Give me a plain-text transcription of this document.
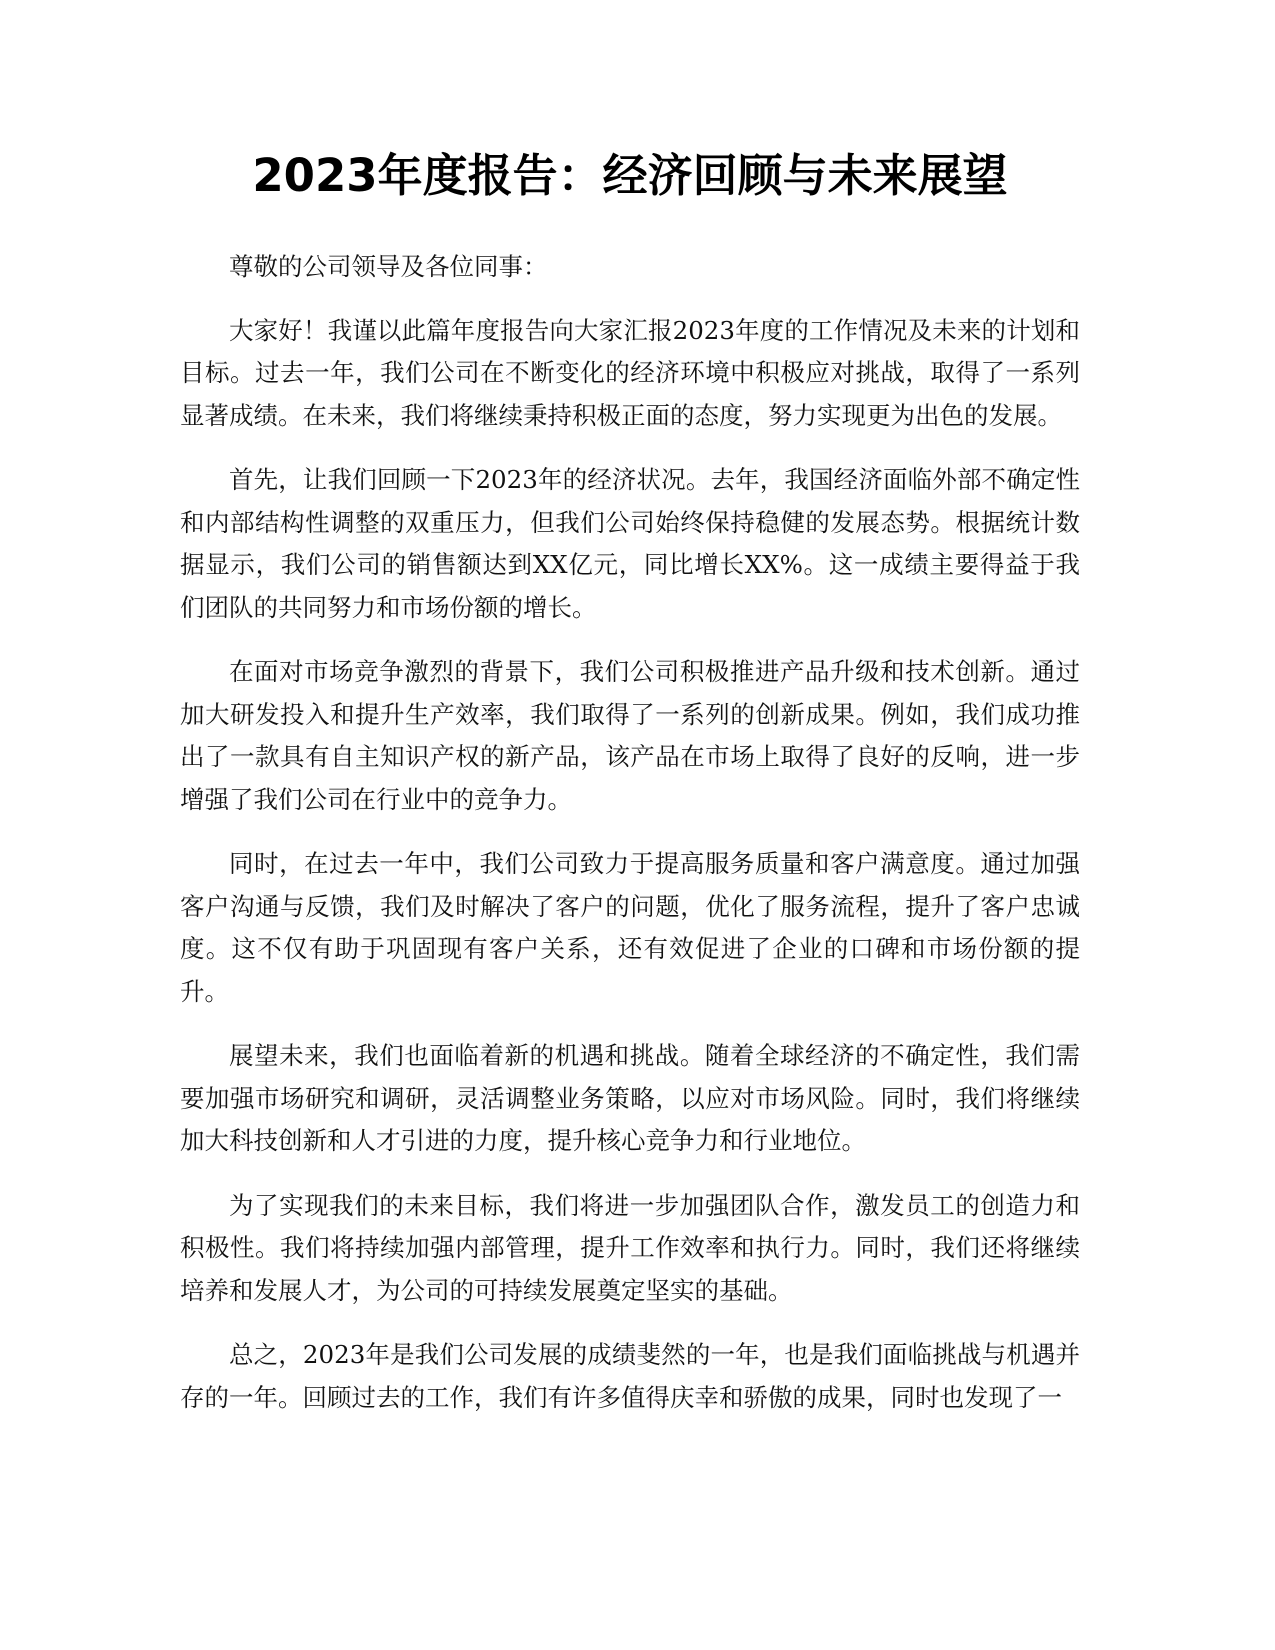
2023年度报告：经济回顾与未来展望

尊敬的公司领导及各位同事：

大家好！我谨以此篇年度报告向大家汇报2023年度的工作情况及未来的计划和目标。过去一年，我们公司在不断变化的经济环境中积极应对挑战，取得了一系列显著成绩。在未来，我们将继续秉持积极正面的态度，努力实现更为出色的发展。

首先，让我们回顾一下2023年的经济状况。去年，我国经济面临外部不确定性和内部结构性调整的双重压力，但我们公司始终保持稳健的发展态势。根据统计数据显示，我们公司的销售额达到XX亿元，同比增长XX%。这一成绩主要得益于我们团队的共同努力和市场份额的增长。

在面对市场竞争激烈的背景下，我们公司积极推进产品升级和技术创新。通过加大研发投入和提升生产效率，我们取得了一系列的创新成果。例如，我们成功推出了一款具有自主知识产权的新产品，该产品在市场上取得了良好的反响，进一步增强了我们公司在行业中的竞争力。

同时，在过去一年中，我们公司致力于提高服务质量和客户满意度。通过加强客户沟通与反馈，我们及时解决了客户的问题，优化了服务流程，提升了客户忠诚度。这不仅有助于巩固现有客户关系，还有效促进了企业的口碑和市场份额的提升。

展望未来，我们也面临着新的机遇和挑战。随着全球经济的不确定性，我们需要加强市场研究和调研，灵活调整业务策略，以应对市场风险。同时，我们将继续加大科技创新和人才引进的力度，提升核心竞争力和行业地位。

为了实现我们的未来目标，我们将进一步加强团队合作，激发员工的创造力和积极性。我们将持续加强内部管理，提升工作效率和执行力。同时，我们还将继续培养和发展人才，为公司的可持续发展奠定坚实的基础。

总之，2023年是我们公司发展的成绩斐然的一年，也是我们面临挑战与机遇并存的一年。回顾过去的工作，我们有许多值得庆幸和骄傲的成果，同时也发现了一
